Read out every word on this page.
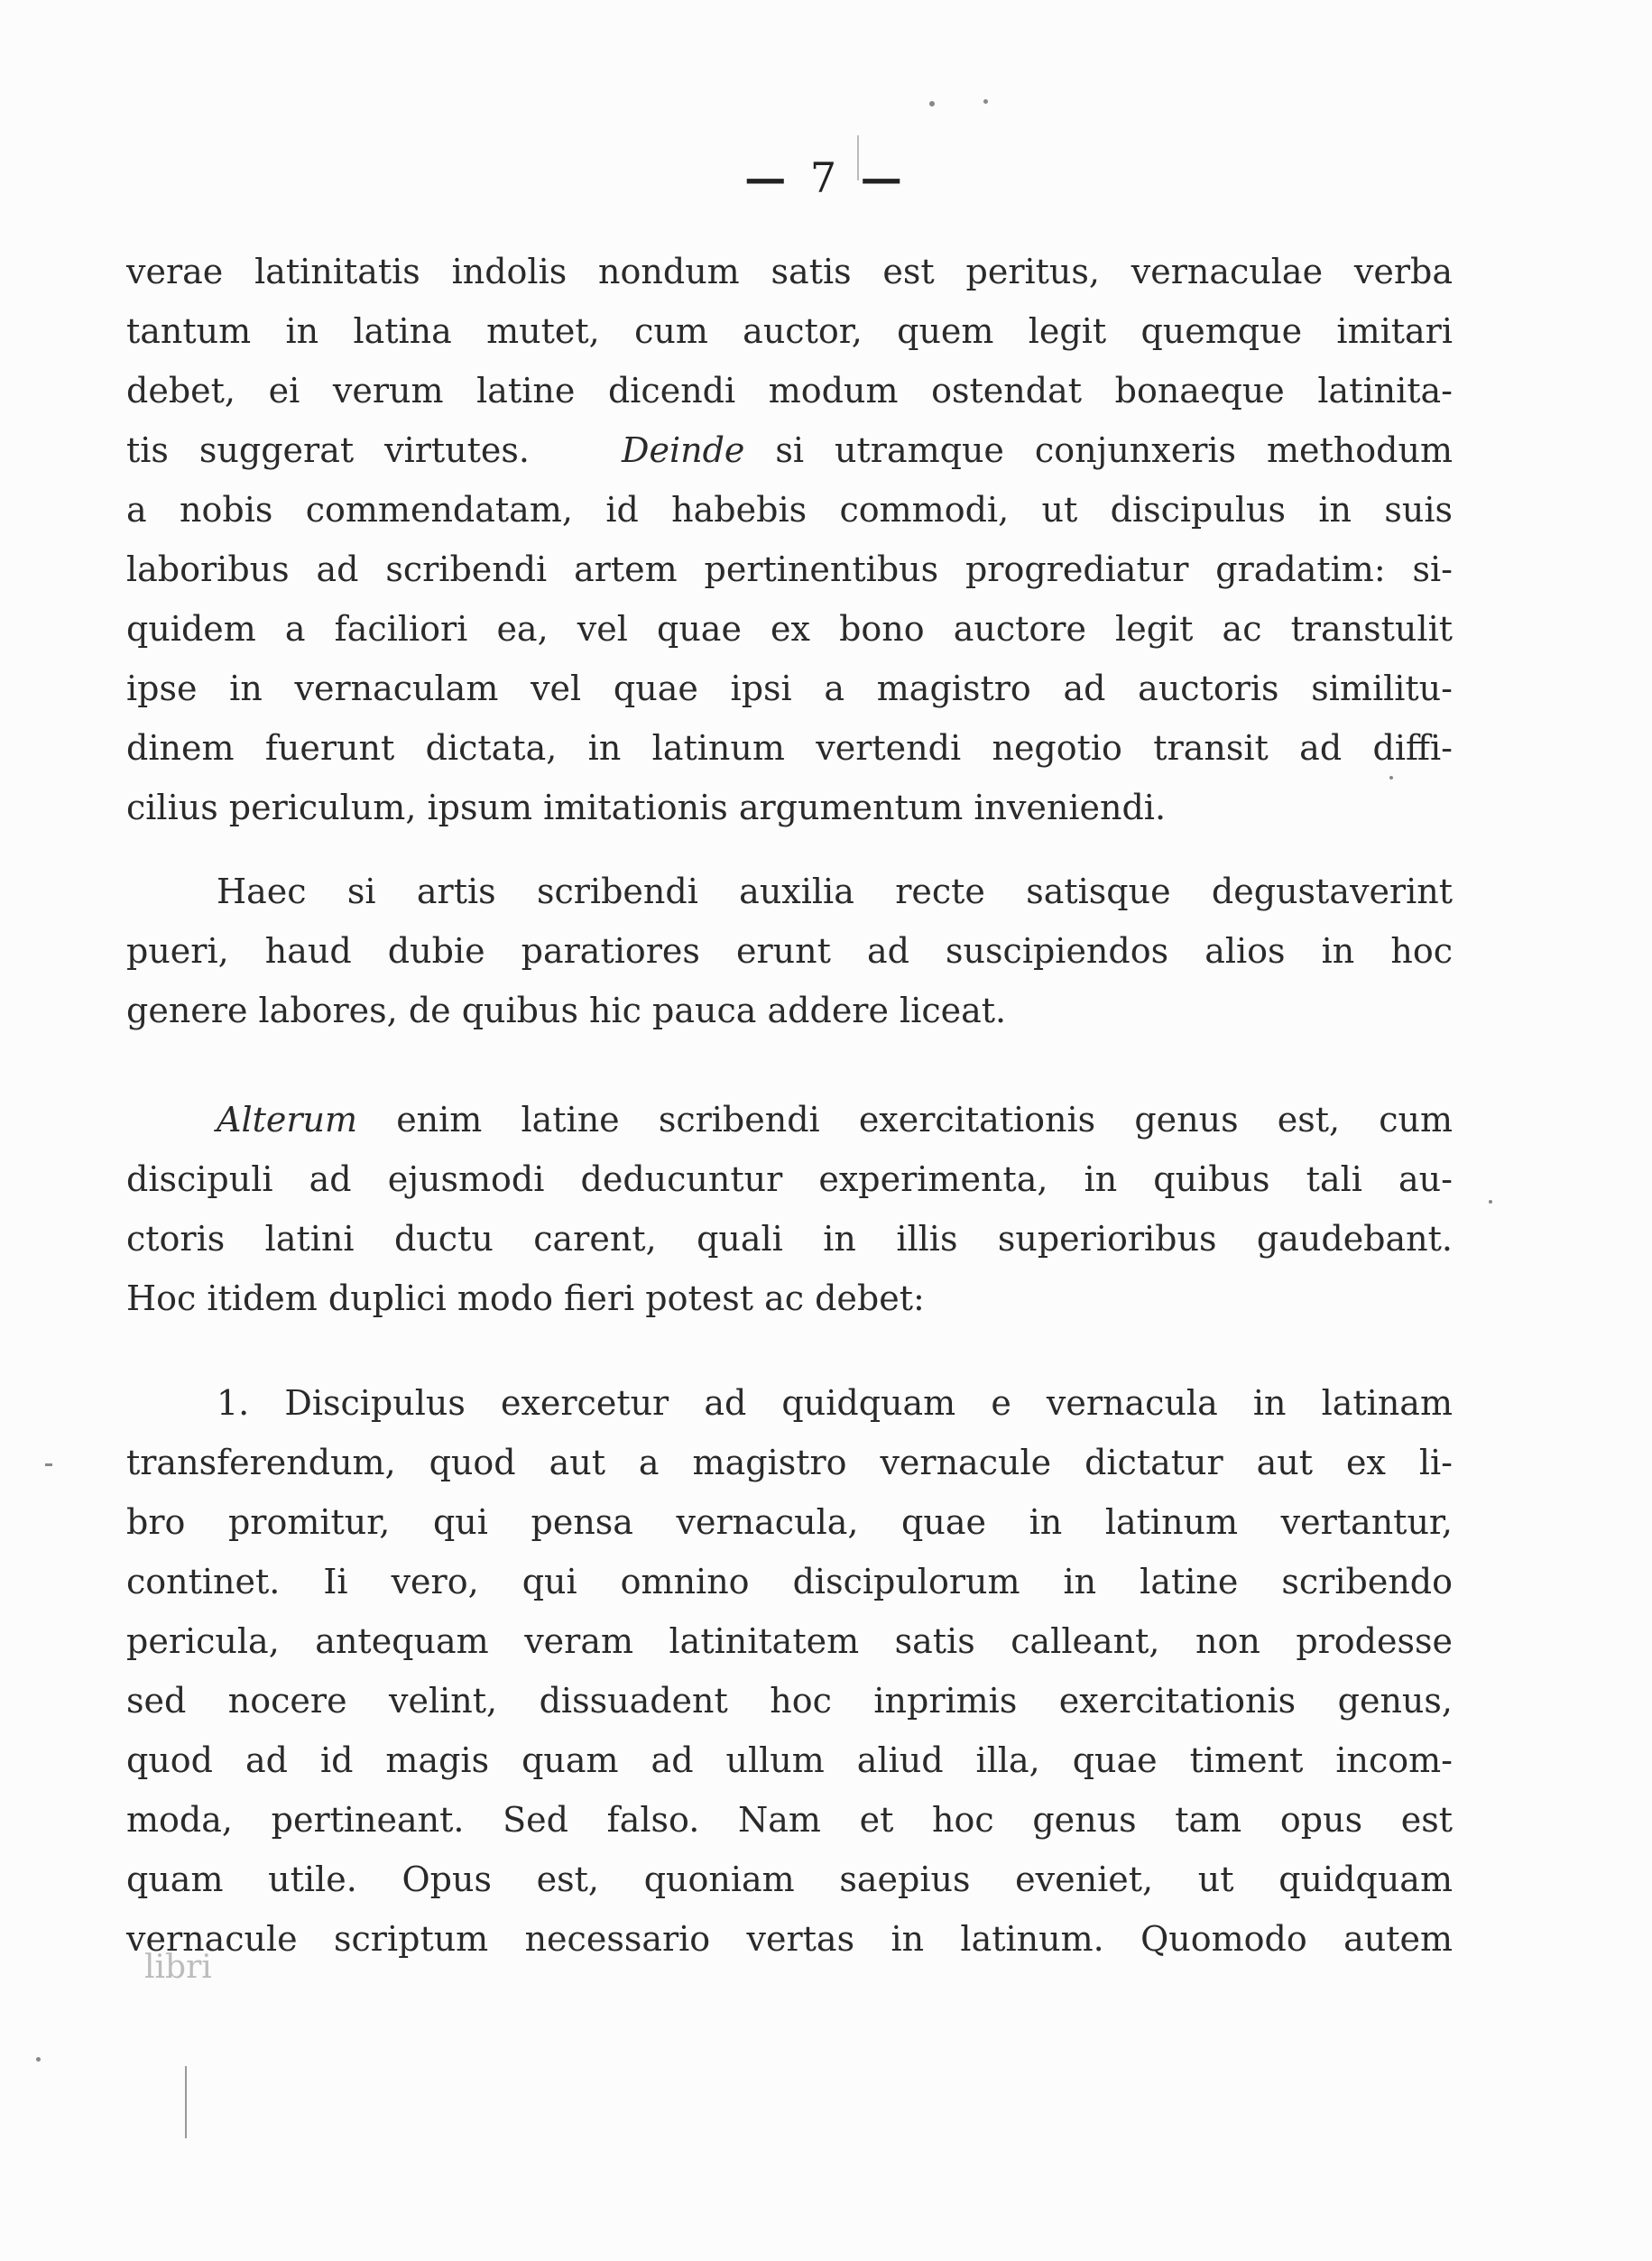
— 7 —
verae latinitatis indolis nondum satis est peritus, vernaculae verba
tantum in latina mutet, cum auctor, quem legit quemque imitari
debet, ei verum latine dicendi modum ostendat bonaeque latinita-
tis suggerat virtutes.	Deinde si utramque conjunxeris methodum
a nobis commendatam, id habebis commodi, ut discipulus in suis
laboribus ad scribendi artem pertinentibus progrediatur gradatim: si-
quidem a faciliori ea, vel quae ex bono auctore legit ac transtulit
ipse in vernaculam vel quae ipsi a magistro ad auctoris similitu-
dinem fuerunt dictata, in latinum vertendi negotio transit ad diffi-
cilius periculum, ipsum imitationis argumentum inveniendi.
Haec si artis scribendi auxilia recte satisque degustaverint
pueri, haud dubie paratiores erunt ad suscipiendos alios in hoc
genere labores, de quibus hic pauca addere liceat.
Alterum enim latine scribendi exercitationis genus est, cum
discipuli ad ejusmodi deducuntur experimenta, in quibus tali au-
ctoris latini ductu carent, quali in illis superioribus gaudebant.
Hoc itidem duplici modo fieri potest ac debet:
1. Discipulus exercetur ad quidquam e vernacula in latinam
transferendum, quod aut a magistro vernacule dictatur aut ex li-
bro promitur, qui pensa vernacula, quae in latinum vertantur,
continet. Ii vero, qui omnino discipulorum in latine scribendo
pericula, antequam veram latinitatem satis calleant, non prodesse
sed nocere velint, dissuadent hoc inprimis exercitationis genus,
quod ad id magis quam ad ullum aliud illa, quae timent incom-
moda, pertineant. Sed falso. Nam et hoc genus tam opus est
quam utile. Opus est, quoniam saepius eveniet, ut quidquam
vernacule scriptum necessario vertas in latinum. Quomodo autem
libri
